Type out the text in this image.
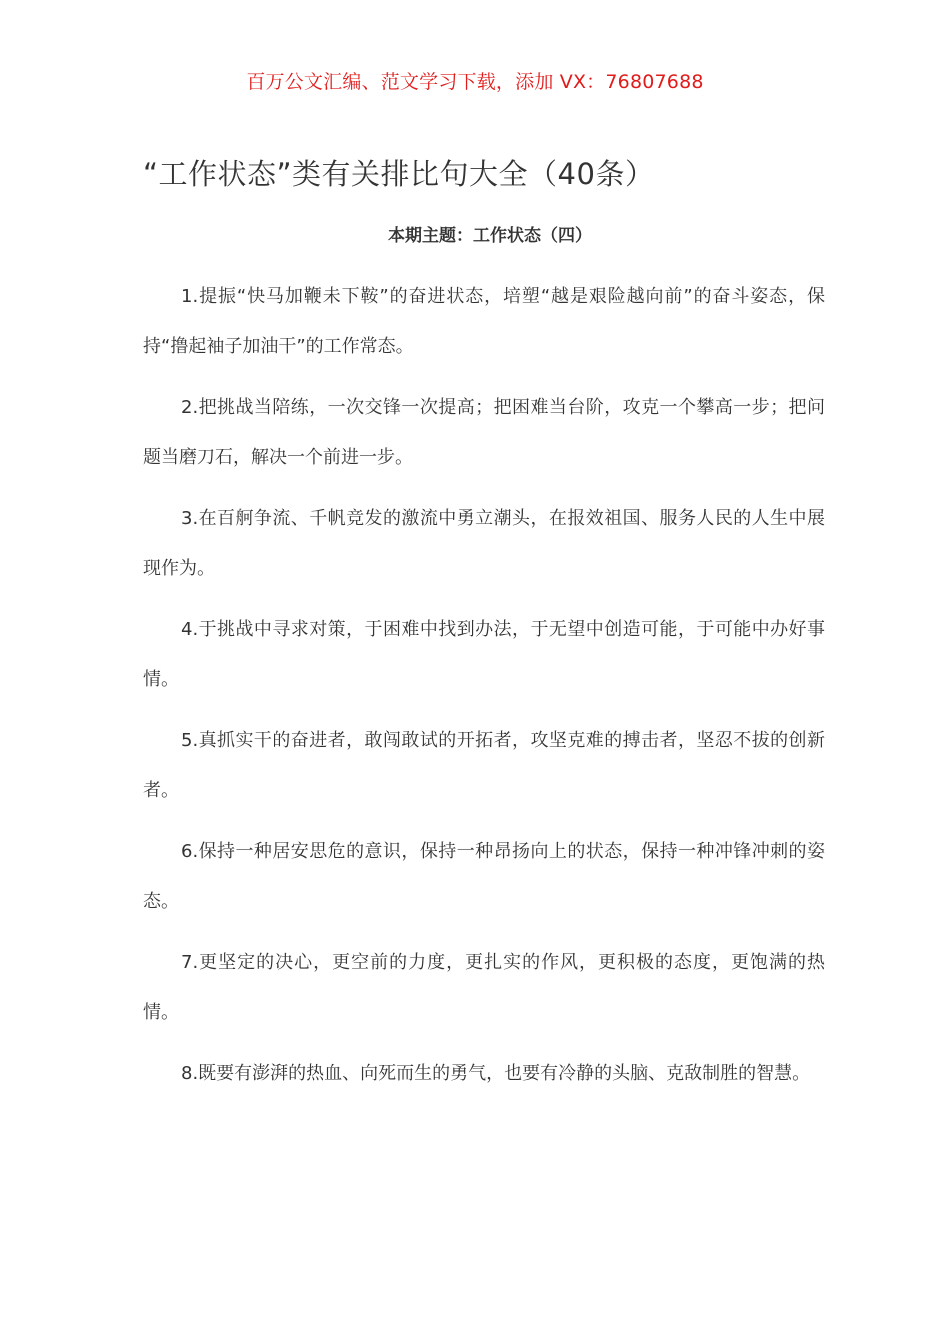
百万公文汇编、范文学习下载，添加 VX：76807688
“工作状态”类有关排比句大全（40条）
本期主题：工作状态（四）

1.提振“快马加鞭未下鞍”的奋进状态，培塑“越是艰险越向前”的奋斗姿态，保持“撸起袖子加油干”的工作常态。

2.把挑战当陪练，一次交锋一次提高；把困难当台阶，攻克一个攀高一步；把问题当磨刀石，解决一个前进一步。

3.在百舸争流、千帆竞发的激流中勇立潮头，在报效祖国、服务人民的人生中展现作为。

4.于挑战中寻求对策，于困难中找到办法，于无望中创造可能，于可能中办好事情。

5.真抓实干的奋进者，敢闯敢试的开拓者，攻坚克难的搏击者，坚忍不拔的创新者。

6.保持一种居安思危的意识，保持一种昂扬向上的状态，保持一种冲锋冲刺的姿态。

7.更坚定的决心，更空前的力度，更扎实的作风，更积极的态度，更饱满的热情。

8.既要有澎湃的热血、向死而生的勇气，也要有冷静的头脑、克敌制胜的智慧。
